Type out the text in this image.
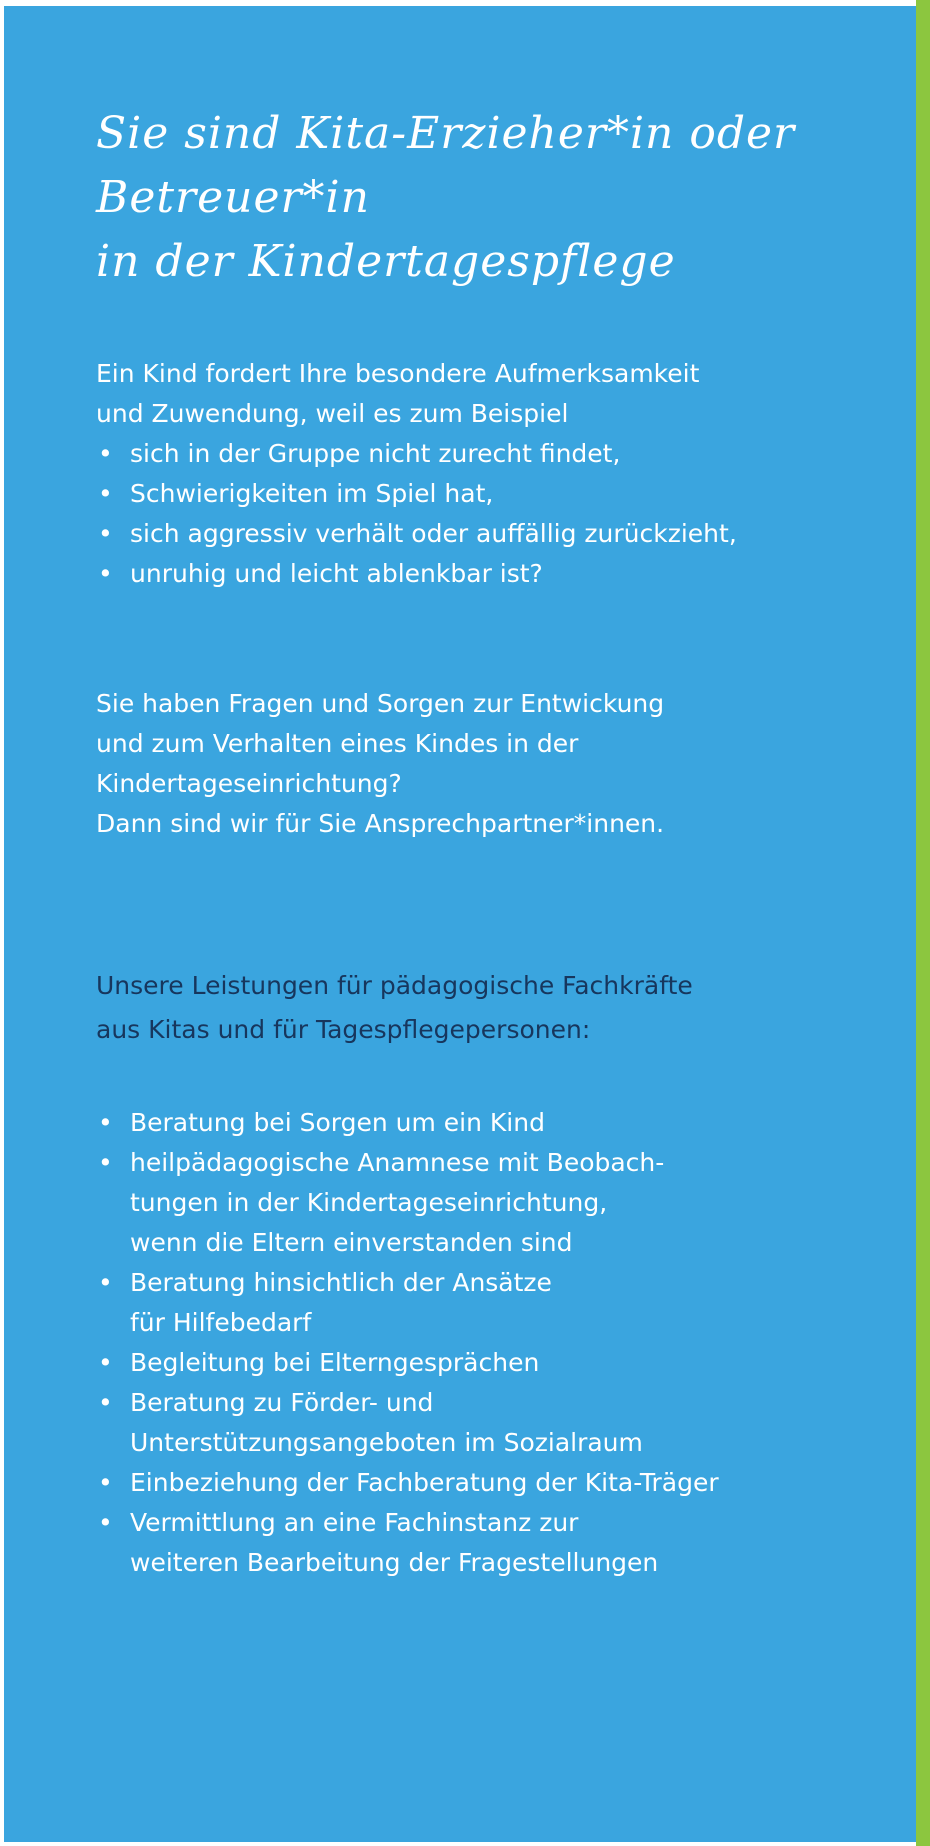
Sie sind Kita-Erzieher*in oder
Betreuer*in
in der Kindertagespflege

Ein Kind fordert Ihre besondere Aufmerksamkeit
und Zuwendung, weil es zum Beispiel

• sich in der Gruppe nicht zurecht findet,
• Schwierigkeiten im Spiel hat,
• sich aggressiv verhält oder auffällig zurückzieht,
• unruhig und leicht ablenkbar ist?

Sie haben Fragen und Sorgen zur Entwickung
und zum Verhalten eines Kindes in der
Kindertageseinrichtung?
Dann sind wir für Sie Ansprechpartner*innen.

Unsere Leistungen für pädagogische Fachkräfte
aus Kitas und für Tagespflegepersonen:
• Beratung bei Sorgen um ein Kind
• heilpädagogische Anamnese mit Beobach-
tungen in der Kindertageseinrichtung,
wenn die Eltern einverstanden sind
• Beratung hinsichtlich der Ansätze
für Hilfebedarf
• Begleitung bei Elterngesprächen
• Beratung zu Förder- und
Unterstützungsangeboten im Sozialraum
• Einbeziehung der Fachberatung der Kita-Träger
• Vermittlung an eine Fachinstanz zur
weiteren Bearbeitung der Fragestellungen
